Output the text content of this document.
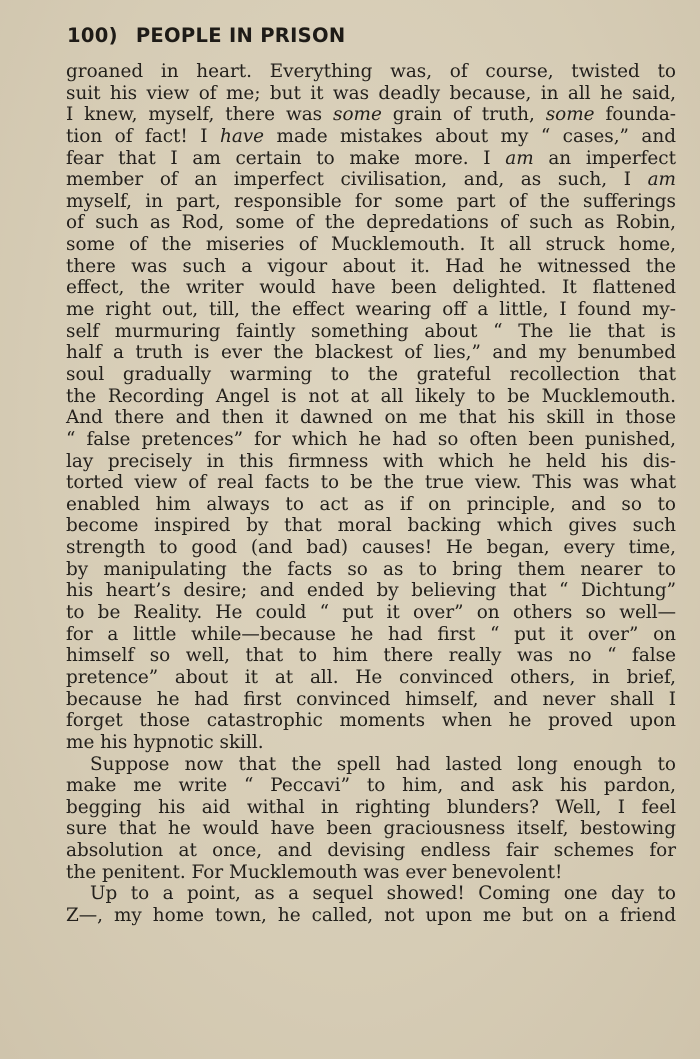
100) PEOPLE IN PRISON
groaned in heart. Everything was, of course, twisted to
suit his view of me; but it was deadly because, in all he said,
I knew, myself, there was some grain of truth, some founda-
tion of fact! I have made mistakes about my “ cases,” and
fear that I am certain to make more. I am an imperfect
member of an imperfect civilisation, and, as such, I am
myself, in part, responsible for some part of the sufferings
of such as Rod, some of the depredations of such as Robin,
some of the miseries of Mucklemouth. It all struck home,
there was such a vigour about it. Had he witnessed the
effect, the writer would have been delighted. It flattened
me right out, till, the effect wearing off a little, I found my-
self murmuring faintly something about “ The lie that is
half a truth is ever the blackest of lies,” and my benumbed
soul gradually warming to the grateful recollection that
the Recording Angel is not at all likely to be Mucklemouth.
And there and then it dawned on me that his skill in those
“ false pretences” for which he had so often been punished,
lay precisely in this firmness with which he held his dis-
torted view of real facts to be the true view. This was what
enabled him always to act as if on principle, and so to
become inspired by that moral backing which gives such
strength to good (and bad) causes! He began, every time,
by manipulating the facts so as to bring them nearer to
his heart’s desire; and ended by believing that “ Dichtung”
to be Reality. He could “ put it over” on others so well—
for a little while—because he had first “ put it over” on
himself so well, that to him there really was no “ false
pretence” about it at all. He convinced others, in brief,
because he had first convinced himself, and never shall I
forget those catastrophic moments when he proved upon
me his hypnotic skill.
Suppose now that the spell had lasted long enough to
make me write “ Peccavi” to him, and ask his pardon,
begging his aid withal in righting blunders? Well, I feel
sure that he would have been graciousness itself, bestowing
absolution at once, and devising endless fair schemes for
the penitent. For Mucklemouth was ever benevolent!
Up to a point, as a sequel showed! Coming one day to
Z—, my home town, he called, not upon me but on a friend
